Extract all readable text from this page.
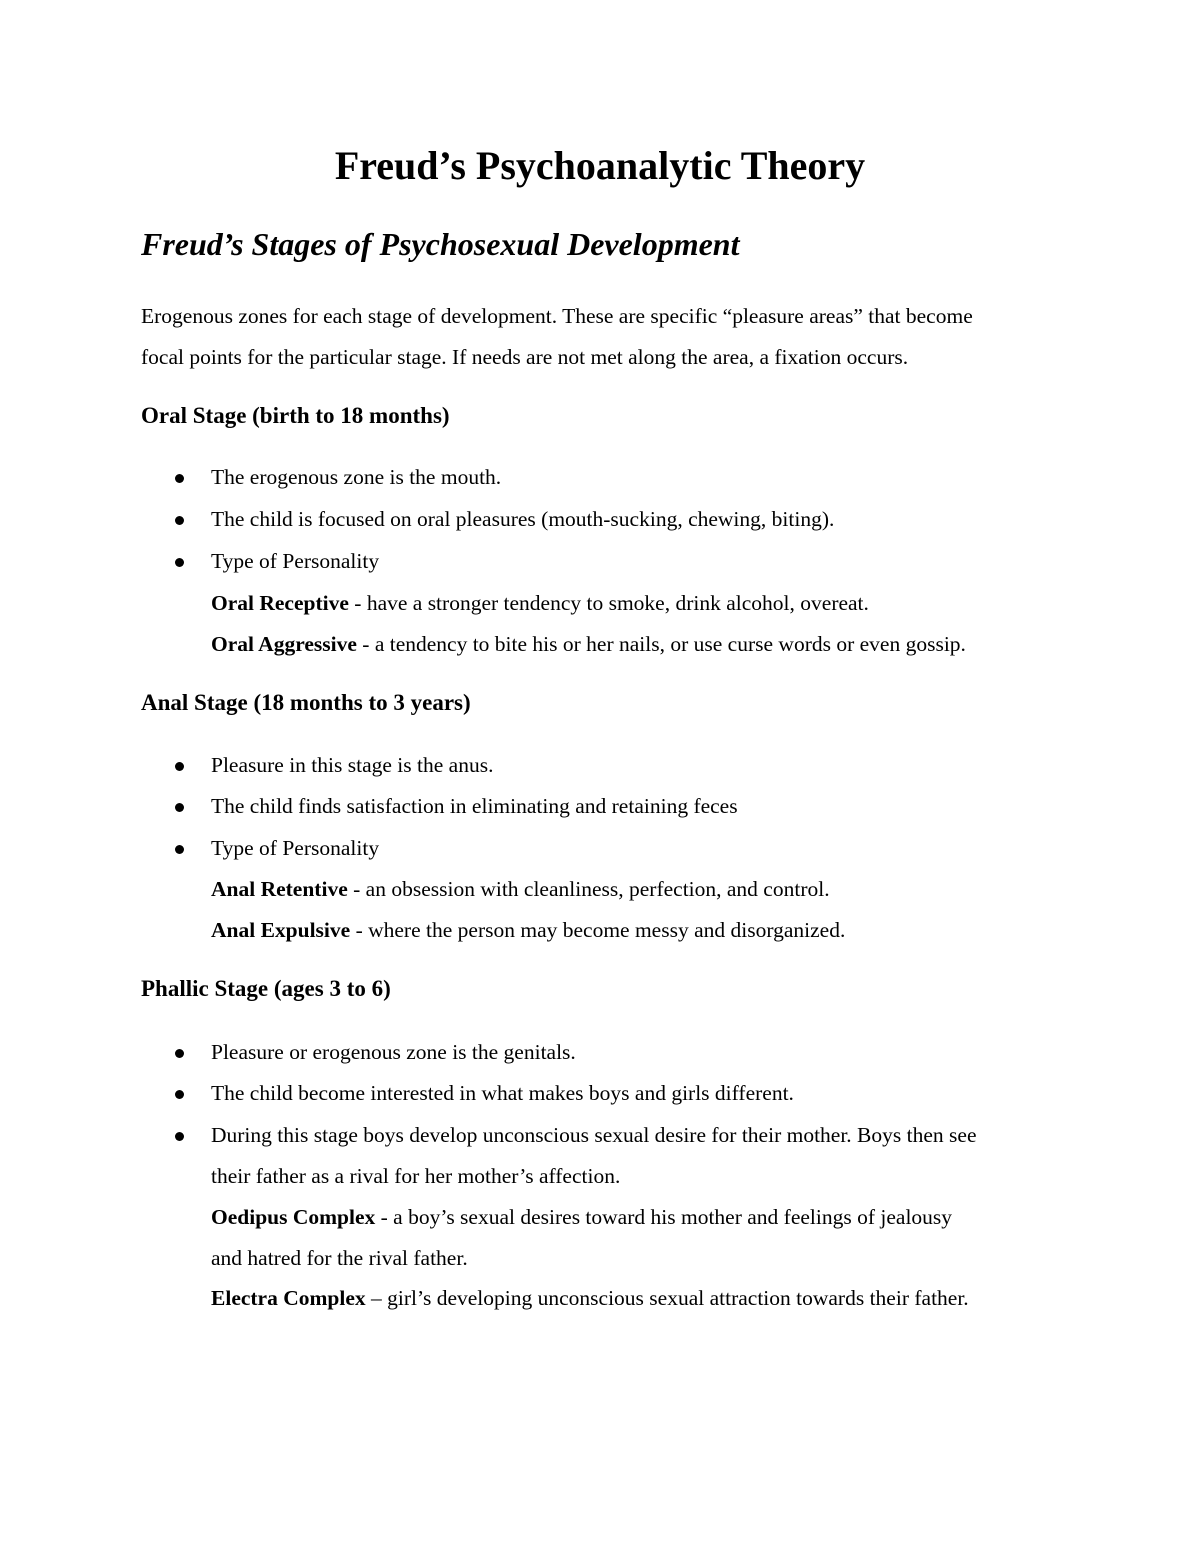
Freud’s Psychoanalytic Theory
Freud’s Stages of Psychosexual Development

Erogenous zones for each stage of development. These are specific “pleasure areas” that become

focal points for the particular stage. If needs are not met along the area, a fixation occurs.

Oral Stage (birth to 18 months)

The erogenous zone is the mouth.

The child is focused on oral pleasures (mouth-sucking, chewing, biting).

Type of Personality

Oral Receptive - have a stronger tendency to smoke, drink alcohol, overeat.

Oral Aggressive - a tendency to bite his or her nails, or use curse words or even gossip.

Anal Stage (18 months to 3 years)

Pleasure in this stage is the anus.

The child finds satisfaction in eliminating and retaining feces

Type of Personality

Anal Retentive - an obsession with cleanliness, perfection, and control.

Anal Expulsive - where the person may become messy and disorganized.

Phallic Stage (ages 3 to 6)

Pleasure or erogenous zone is the genitals.

The child become interested in what makes boys and girls different.

During this stage boys develop unconscious sexual desire for their mother. Boys then see

their father as a rival for her mother’s affection.

Oedipus Complex - a boy’s sexual desires toward his mother and feelings of jealousy

and hatred for the rival father.

Electra Complex – girl’s developing unconscious sexual attraction towards their father.
